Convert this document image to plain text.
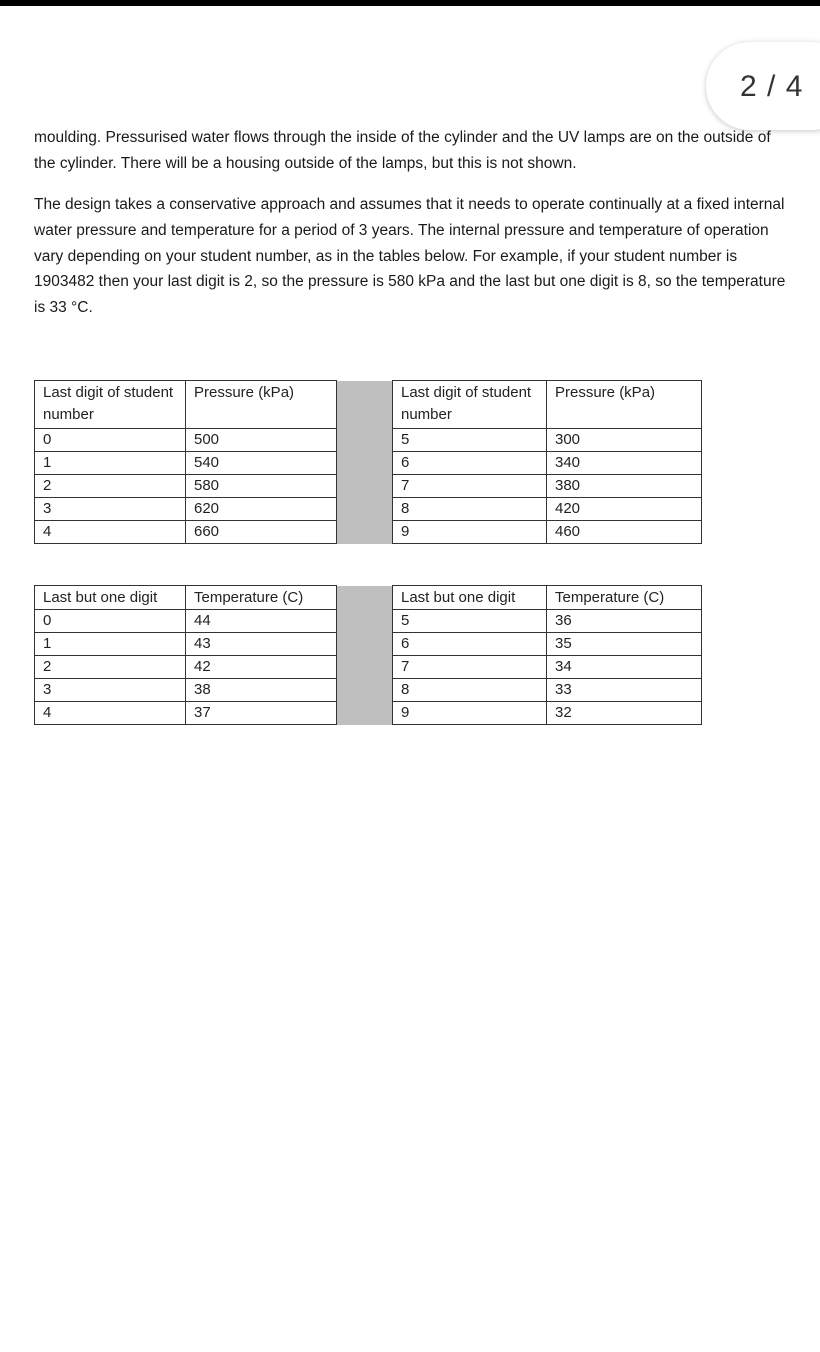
2 / 4

moulding. Pressurised water flows through the inside of the cylinder and the UV lamps are on the outside of the cylinder. There will be a housing outside of the lamps, but this is not shown.

The design takes a conservative approach and assumes that it needs to operate continually at a fixed internal water pressure and temperature for a period of 3 years. The internal pressure and temperature of operation vary depending on your student number, as in the tables below. For example, if your student number is 1903482 then your last digit is 2, so the pressure is 580 kPa and the last but one digit is 8, so the temperature is 33 °C.

Last digit of student number	Pressure (kPa)		Last digit of student number	Pressure (kPa)
0	500		5	300
1	540		6	340
2	580		7	380
3	620		8	420
4	660		9	460
Last but one digit	Temperature (C)		Last but one digit	Temperature (C)
0	44		5	36
1	43		6	35
2	42		7	34
3	38		8	33
4	37		9	32
